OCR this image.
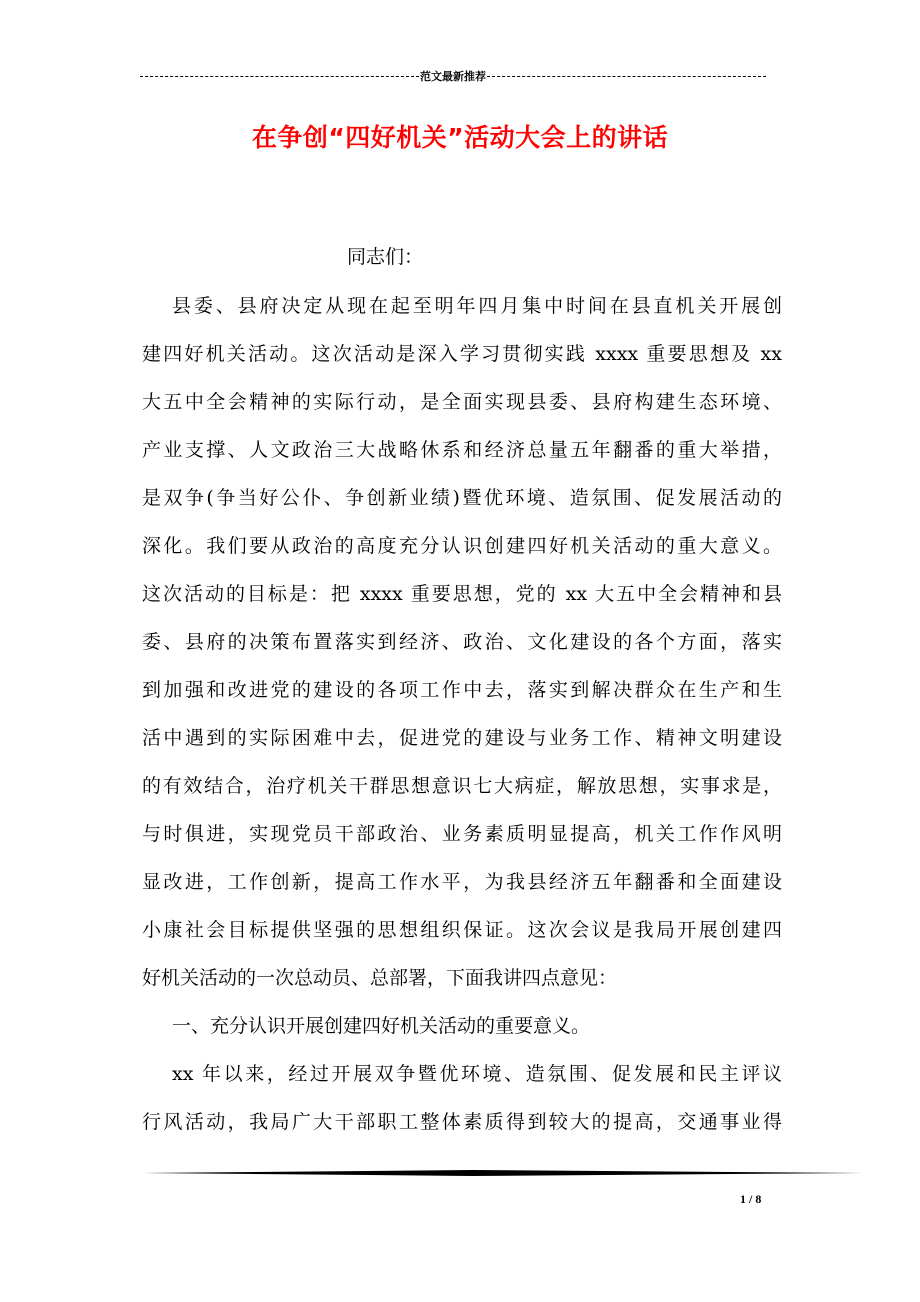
范文最新推荐
在争创“四好机关”活动大会上的讲话
同志们：
县委、县府决定从现在起至明年四月集中时间在县直机关开展创
建四好机关活动。这次活动是深入学习贯彻实践 xxxx 重要思想及 xx
大五中全会精神的实际行动，是全面实现县委、县府构建生态环境、
产业支撑、人文政治三大战略休系和经济总量五年翻番的重大举措，
是双争(争当好公仆、争创新业绩)暨优环境、造氛围、促发展活动的
深化。我们要从政治的高度充分认识创建四好机关活动的重大意义。
这次活动的目标是：把 xxxx 重要思想，党的 xx 大五中全会精神和县
委、县府的决策布置落实到经济、政治、文化建设的各个方面，落实
到加强和改进党的建设的各项工作中去，落实到解决群众在生产和生
活中遇到的实际困难中去，促进党的建设与业务工作、精神文明建设
的有效结合，治疗机关干群思想意识七大病症，解放思想，实事求是，
与时俱进，实现党员干部政治、业务素质明显提高，机关工作作风明
显改进，工作创新，提高工作水平，为我县经济五年翻番和全面建设
小康社会目标提供坚强的思想组织保证。这次会议是我局开展创建四
好机关活动的一次总动员、总部署，下面我讲四点意见：
一、充分认识开展创建四好机关活动的重要意义。
xx 年以来，经过开展双争暨优环境、造氛围、促发展和民主评议
行风活动，我局广大干部职工整体素质得到较大的提高，交通事业得
1 / 8
